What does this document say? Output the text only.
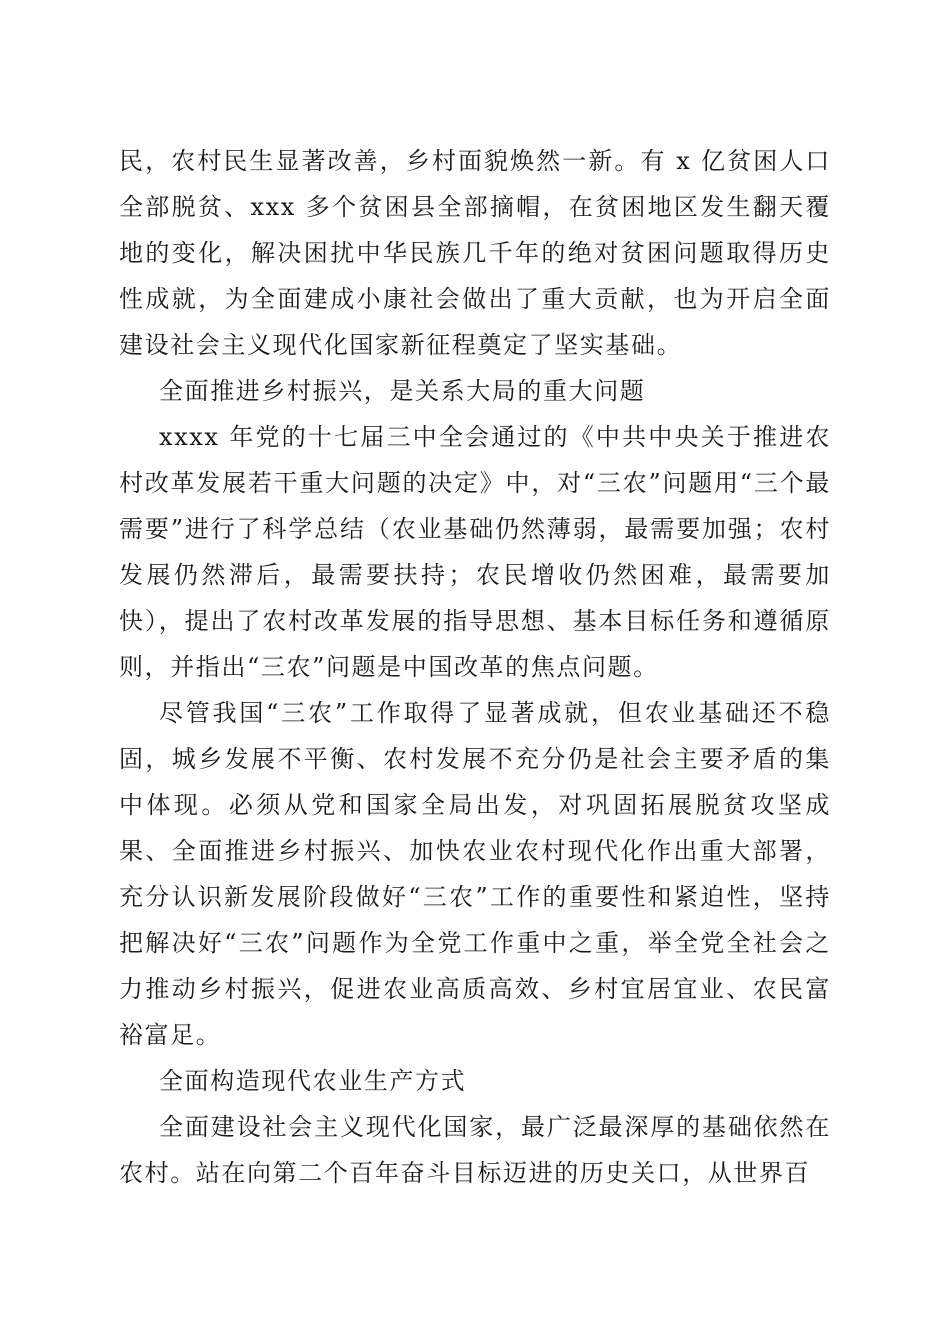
民，农村民生显著改善，乡村面貌焕然一新。有 x 亿贫困人口全部脱贫、xxx 多个贫困县全部摘帽，在贫困地区发生翻天覆地的变化，解决困扰中华民族几千年的绝对贫困问题取得历史性成就，为全面建成小康社会做出了重大贡献，也为开启全面建设社会主义现代化国家新征程奠定了坚实基础。

全面推进乡村振兴，是关系大局的重大问题

xxxx 年党的十七届三中全会通过的《中共中央关于推进农村改革发展若干重大问题的决定》中，对“三农”问题用“三个最需要”进行了科学总结（农业基础仍然薄弱，最需要加强；农村发展仍然滞后，最需要扶持；农民增收仍然困难，最需要加快），提出了农村改革发展的指导思想、基本目标任务和遵循原则，并指出“三农”问题是中国改革的焦点问题。

尽管我国“三农”工作取得了显著成就，但农业基础还不稳固，城乡发展不平衡、农村发展不充分仍是社会主要矛盾的集中体现。必须从党和国家全局出发，对巩固拓展脱贫攻坚成果、全面推进乡村振兴、加快农业农村现代化作出重大部署，充分认识新发展阶段做好“三农”工作的重要性和紧迫性，坚持把解决好“三农”问题作为全党工作重中之重，举全党全社会之力推动乡村振兴，促进农业高质高效、乡村宜居宜业、农民富裕富足。

全面构造现代农业生产方式

全面建设社会主义现代化国家，最广泛最深厚的基础依然在农村。站在向第二个百年奋斗目标迈进的历史关口，从世界百
